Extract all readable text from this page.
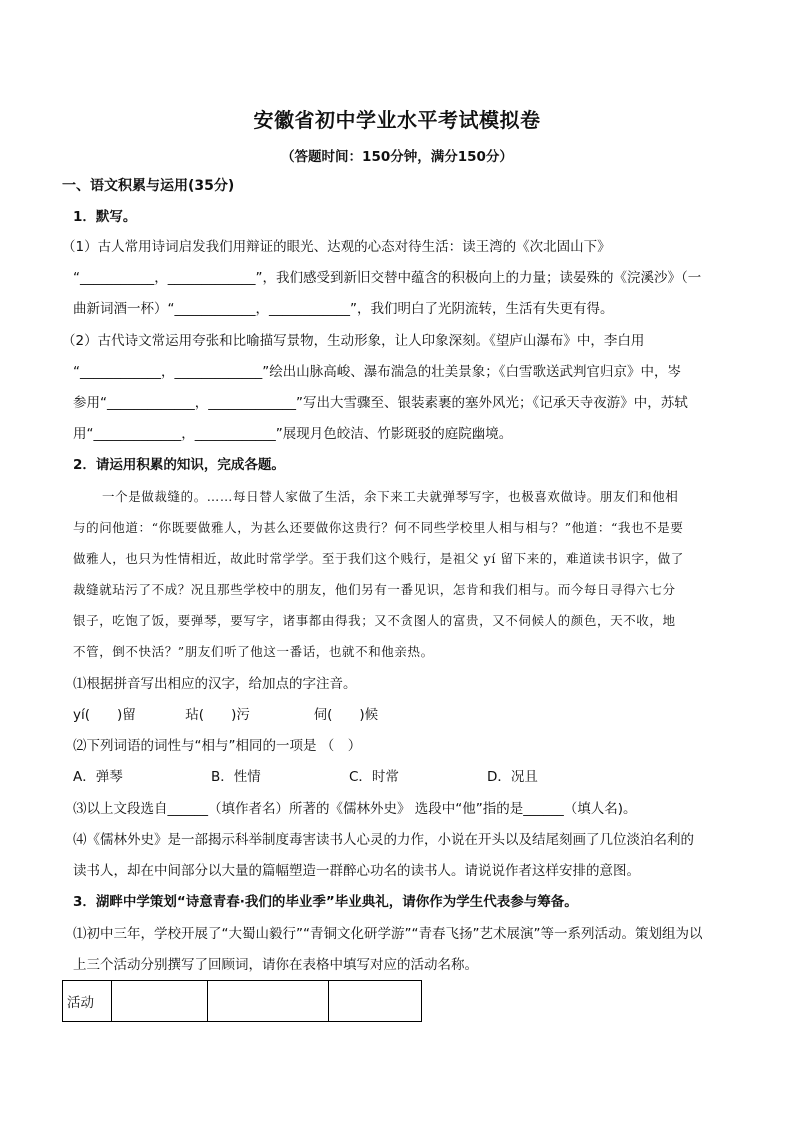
安徽省初中学业水平考试模拟卷
（答题时间：150分钟，满分150分）
一、语文积累与运用(35分)
1．默写。
（1）古人常用诗词启发我们用辩证的眼光、达观的心态对待生活：读王湾的《次北固山下》
“___________，_____________”，我们感受到新旧交替中蕴含的积极向上的力量；读晏殊的《浣溪沙》（一
曲新词酒一杯）“____________，____________”，我们明白了光阴流转，生活有失更有得。
（2）古代诗文常运用夸张和比喻描写景物，生动形象，让人印象深刻。《望庐山瀑布》中，李白用
“____________，_____________”绘出山脉高峻、瀑布湍急的壮美景象；《白雪歌送武判官归京》中，岑
参用“_____________，_____________”写出大雪骤至、银装素裹的塞外风光；《记承天寺夜游》中，苏轼
用“_____________，____________”展现月色皎洁、竹影斑驳的庭院幽境。
2．请运用积累的知识，完成各题。
一个是做裁缝的。……每日替人家做了生活，余下来工夫就弹琴写字，也极喜欢做诗。朋友们和他相
与的问他道：“你既要做雅人，为甚么还要做你这贵行？何不同些学校里人相与相与？”他道：“我也不是要
做雅人，也只为性情相近，故此时常学学。至于我们这个贱行，是祖父 yí 留下来的，难道读书识字，做了
裁缝就玷污了不成？况且那些学校中的朋友，他们另有一番见识，怎肯和我们相与。而今每日寻得六七分
银子，吃饱了饭，要弹琴，要写字，诸事都由得我；又不贪图人的富贵，又不伺候人的颜色，天不收，地
不管，倒不快活？”朋友们听了他这一番话，也就不和他亲热。
⑴根据拼音写出相应的汉字，给加点的字注音。
yí(　　)留	玷(　　)污	伺(　　)候
⑵下列词语的词性与“相与”相同的一项是 （　）
A．弹琴	B．性情	C．时常	D．况且
⑶以上文段选自______（填作者名）所著的《儒林外史》 选段中“他”指的是______（填人名)。
⑷《儒林外史》是一部揭示科举制度毒害读书人心灵的力作，小说在开头以及结尾刻画了几位淡泊名利的
读书人，却在中间部分以大量的篇幅塑造一群醉心功名的读书人。请说说作者这样安排的意图。
3．湖畔中学策划“诗意青春·我们的毕业季”毕业典礼，请你作为学生代表参与筹备。
⑴初中三年，学校开展了“大蜀山毅行”“青铜文化研学游”“青春飞扬”艺术展演”等一系列活动。策划组为以
上三个活动分别撰写了回顾词，请你在表格中填写对应的活动名称。
活动			
